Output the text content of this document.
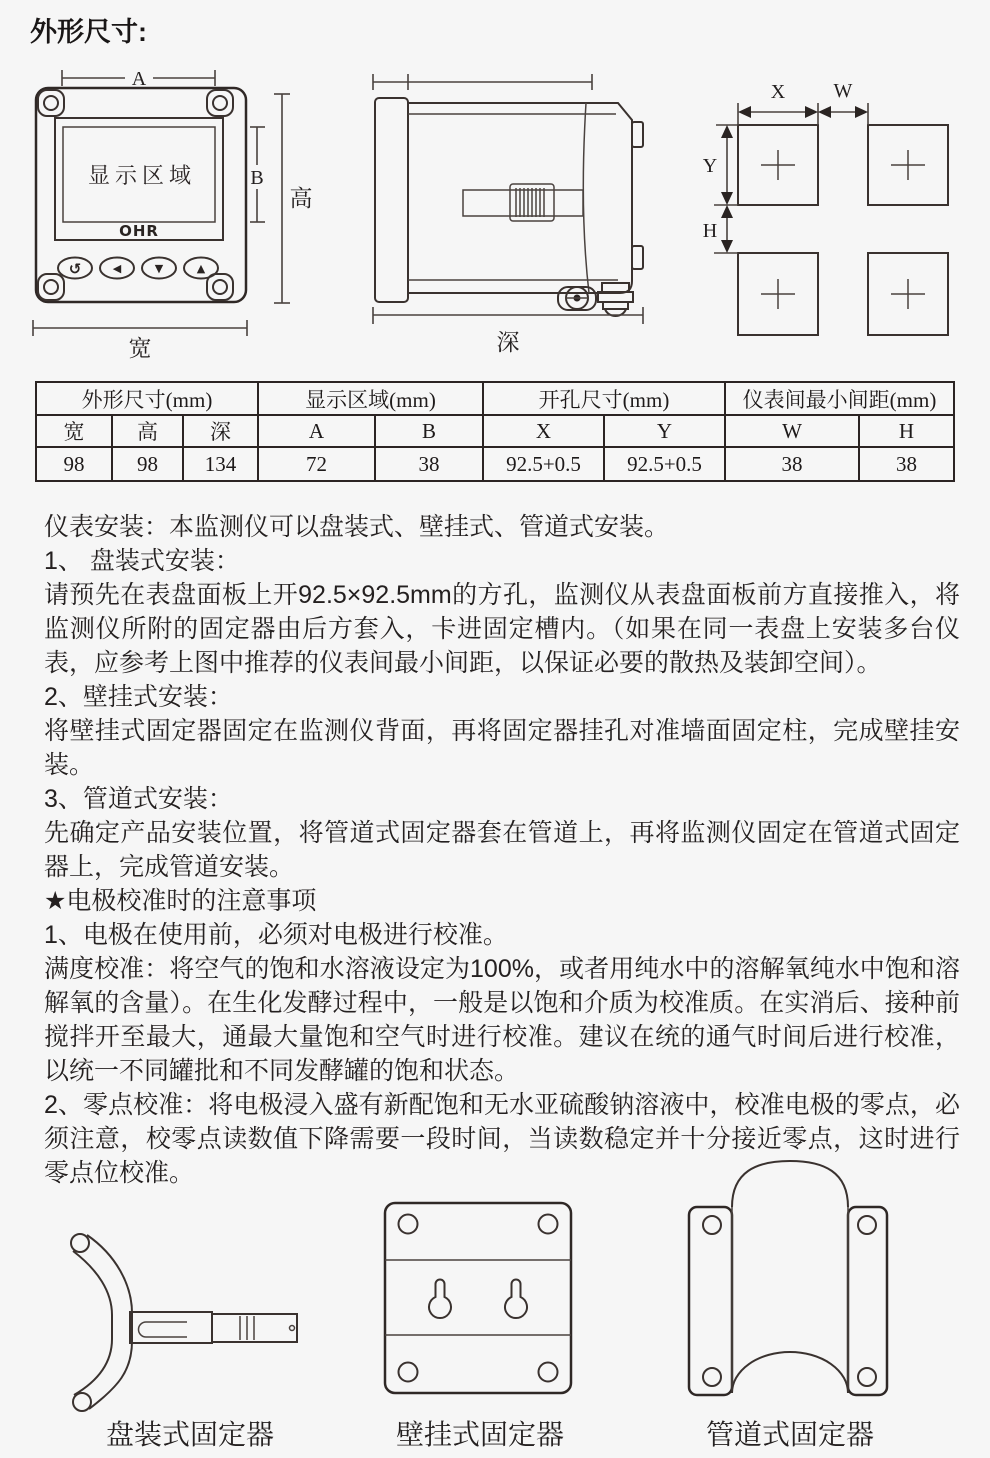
外形尺寸:
A
显示区域
OHR
↺	◀	▼	▲
B
高
宽	深
X W
Y
H
外形尺寸(mm)			显示区域(mm)		开孔尺寸(mm)		仪表间最小间距(mm)	
宽	高	深	A	B	X	Y	W	H
98	98	134	72	38	92.5+0.5	92.5+0.5	38	38

仪表安装：本监测仪可以盘装式、壁挂式、管道式安装。

1、 盘装式安装：

请预先在表盘面板上开92.5×92.5mm的方孔，监测仪从表盘面板前方直接推入，将监测仪所附的固定器由后方套入，卡进固定槽内。（如果在同一表盘上安装多台仪表，应参考上图中推荐的仪表间最小间距，以保证必要的散热及装卸空间）。

2、壁挂式安装：

将壁挂式固定器固定在监测仪背面，再将固定器挂孔对准墙面固定柱，完成壁挂安装。

3、管道式安装：

先确定产品安装位置，将管道式固定器套在管道上，再将监测仪固定在管道式固定器上，完成管道安装。

★电极校准时的注意事项

1、电极在使用前，必须对电极进行校准。

满度校准：将空气的饱和水溶液设定为100%，或者用纯水中的溶解氧纯水中饱和溶解氧的含量）。在生化发酵过程中，一般是以饱和介质为校准质。在实消后、接种前搅拌开至最大，通最大量饱和空气时进行校准。建议在统的通气时间后进行校准，以统一不同罐批和不同发酵罐的饱和状态。

2、零点校准：将电极浸入盛有新配饱和无水亚硫酸钠溶液中，校准电极的零点，必须注意，校零点读数值下降需要一段时间，当读数稳定并十分接近零点，这时进行零点位校准。

盘装式固定器	壁挂式固定器	管道式固定器
